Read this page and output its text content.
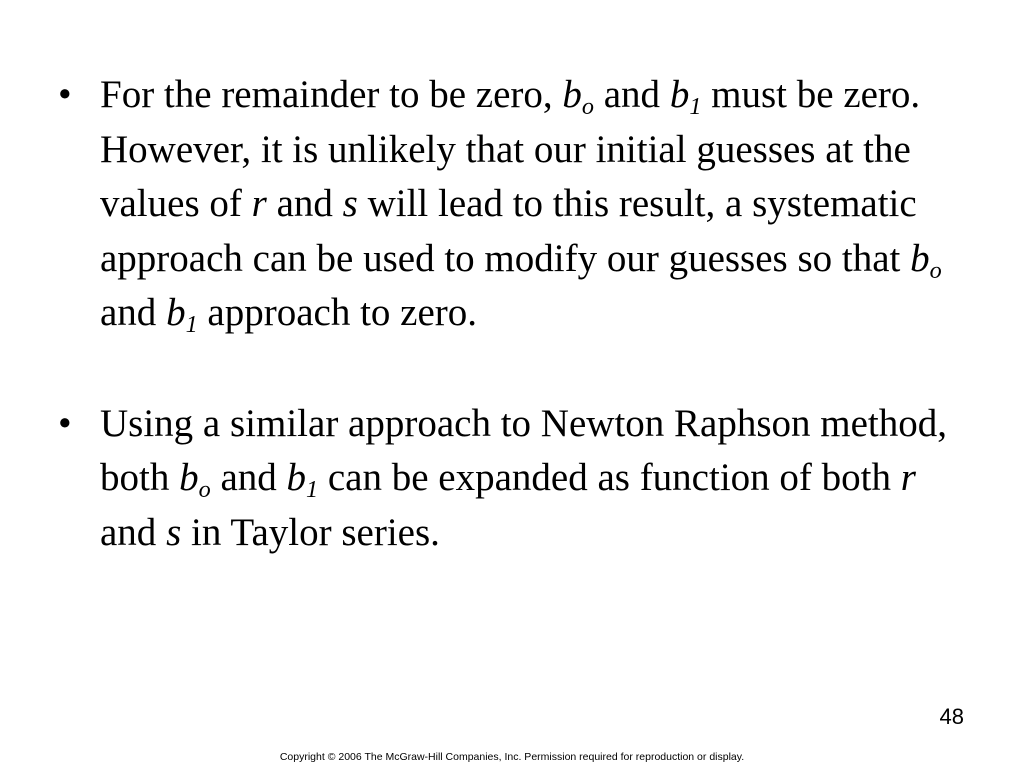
• For the remainder to be zero, bo and b1 must be zero. However, it is unlikely that our initial guesses at the values of r and s will lead to this result, a systematic approach can be used to modify our guesses so that bo and b1 approach to zero.
• Using a similar approach to Newton Raphson method, both bo and b1 can be expanded as function of both r and s in Taylor series.
48
Copyright © 2006 The McGraw-Hill Companies, Inc. Permission required for reproduction or display.
